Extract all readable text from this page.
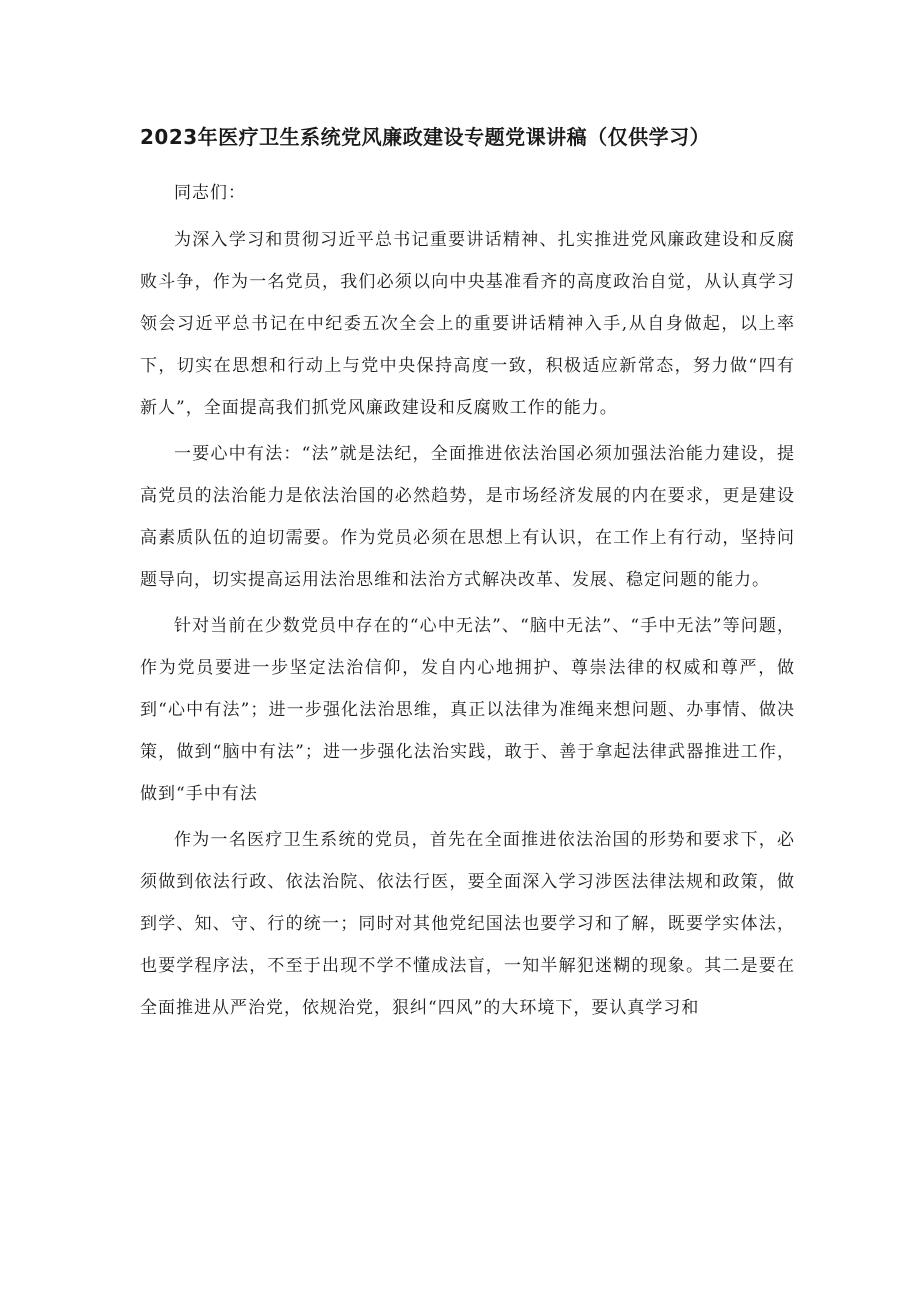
2023年医疗卫生系统党风廉政建设专题党课讲稿（仅供学习）

同志们：

为深入学习和贯彻习近平总书记重要讲话精神、扎实推进党风廉政建设和反腐败斗争，作为一名党员，我们必须以向中央基准看齐的高度政治自觉，从认真学习领会习近平总书记在中纪委五次全会上的重要讲话精神入手,从自身做起，以上率下，切实在思想和行动上与党中央保持高度一致，积极适应新常态，努力做“四有新人”，全面提高我们抓党风廉政建设和反腐败工作的能力。

一要心中有法：“法”就是法纪，全面推进依法治国必须加强法治能力建设，提高党员的法治能力是依法治国的必然趋势，是市场经济发展的内在要求，更是建设高素质队伍的迫切需要。作为党员必须在思想上有认识，在工作上有行动，坚持问题导向，切实提高运用法治思维和法治方式解决改革、发展、稳定问题的能力。

针对当前在少数党员中存在的“心中无法”、“脑中无法”、“手中无法”等问题，作为党员要进一步坚定法治信仰，发自内心地拥护、尊崇法律的权威和尊严，做到“心中有法”；进一步强化法治思维，真正以法律为准绳来想问题、办事情、做决策，做到“脑中有法”；进一步强化法治实践，敢于、善于拿起法律武器推进工作，做到“手中有法

作为一名医疗卫生系统的党员，首先在全面推进依法治国的形势和要求下，必须做到依法行政、依法治院、依法行医，要全面深入学习涉医法律法规和政策，做到学、知、守、行的统一；同时对其他党纪国法也要学习和了解，既要学实体法，也要学程序法，不至于出现不学不懂成法盲，一知半解犯迷糊的现象。其二是要在全面推进从严治党，依规治党，狠纠“四风”的大环境下，要认真学习和
